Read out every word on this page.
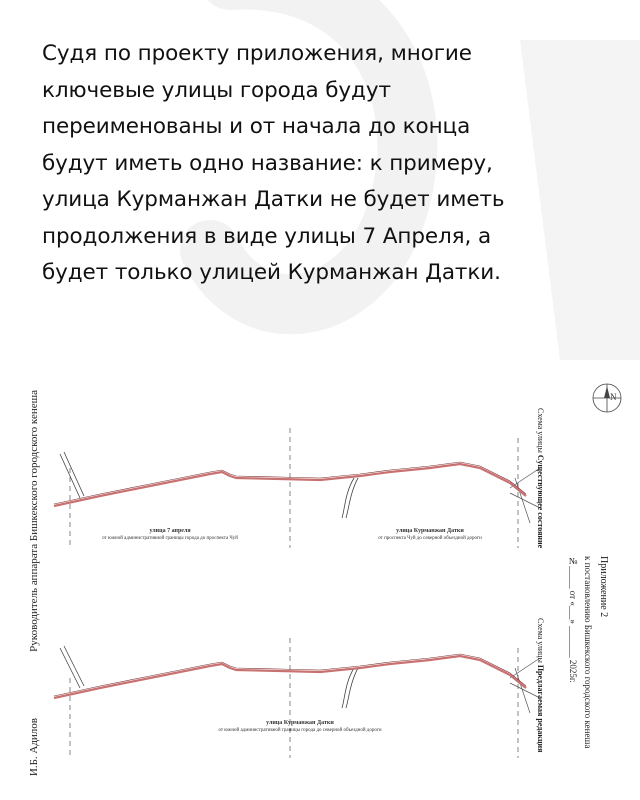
Судя по проекту приложения, многие
ключевые улицы города будут
переименованы и от начала до конца
будут иметь одно название: к примеру,
улица Курманжан Датки не будет иметь
продолжения в виде улицы 7 Апреля, а
будет только улицей Курманжан Датки.
Руководитель аппарата Бишкекского городского кенеша
И.Б. Адилов
N
улица 7 апреля
от южной административной границы города до проспекта Чуй
улица Курманжан Датки
от проспекта Чуй до северной объездной дороги
улица Курманжан Датки
от южной административной границы города до северной объездной дороги
Схема улицы Существующее состояние
Схема улицы Предлагаемая редакция
Приложение 2
к постановлению Бишкекского городского кенеша
№_____ от «___» _______ 2025г.
